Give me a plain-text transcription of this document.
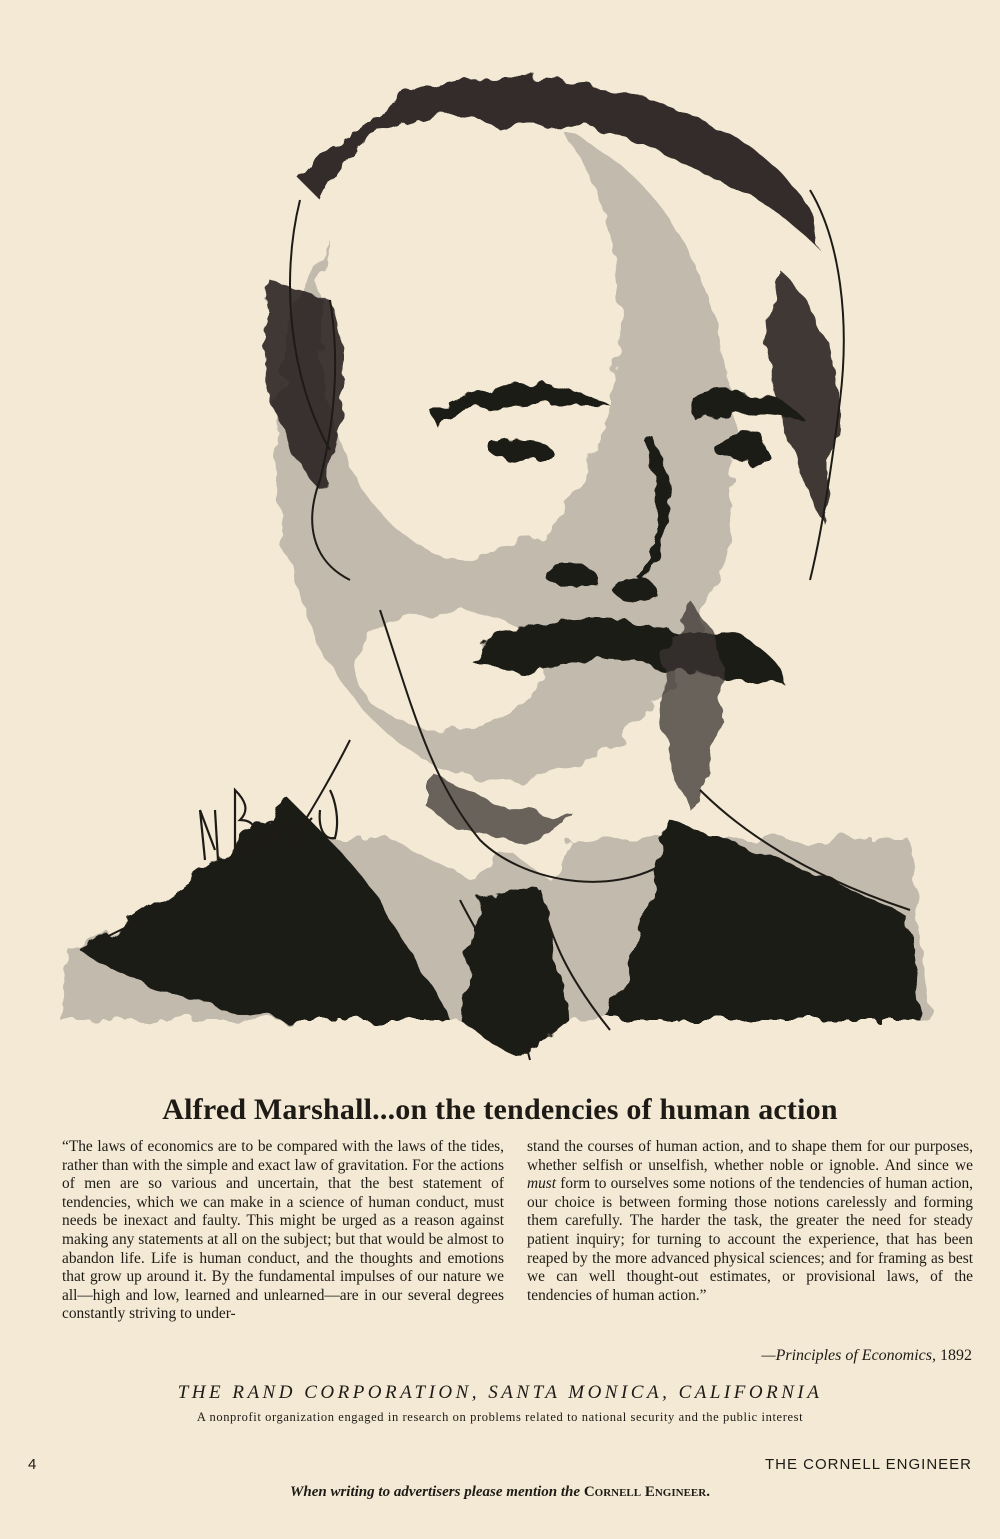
Alfred Marshall...on the tendencies of human action

“The laws of economics are to be compared with the laws of the tides, rather than with the simple and exact law of gravitation. For the actions of men are so various and uncertain, that the best statement of tendencies, which we can make in a science of human conduct, must needs be inexact and faulty. This might be urged as a reason against making any statements at all on the subject; but that would be almost to abandon life. Life is human conduct, and the thoughts and emotions that grow up around it. By the fundamental impulses of our nature we all—high and low, learned and unlearned—are in our several degrees constantly striving to under-

stand the courses of human action, and to shape them for our purposes, whether selfish or unselfish, whether noble or ignoble. And since we must form to ourselves some notions of the tendencies of human action, our choice is between forming those notions carelessly and forming them carefully. The harder the task, the greater the need for steady patient inquiry; for turning to account the experience, that has been reaped by the more advanced physical sciences; and for framing as best we can well thought-out estimates, or provisional laws, of the tendencies of human action.”

—Principles of Economics, 1892
THE RAND CORPORATION, SANTA MONICA, CALIFORNIA
A nonprofit organization engaged in research on problems related to national security and the public interest
4	THE CORNELL ENGINEER
When writing to advertisers please mention the Cornell Engineer.
